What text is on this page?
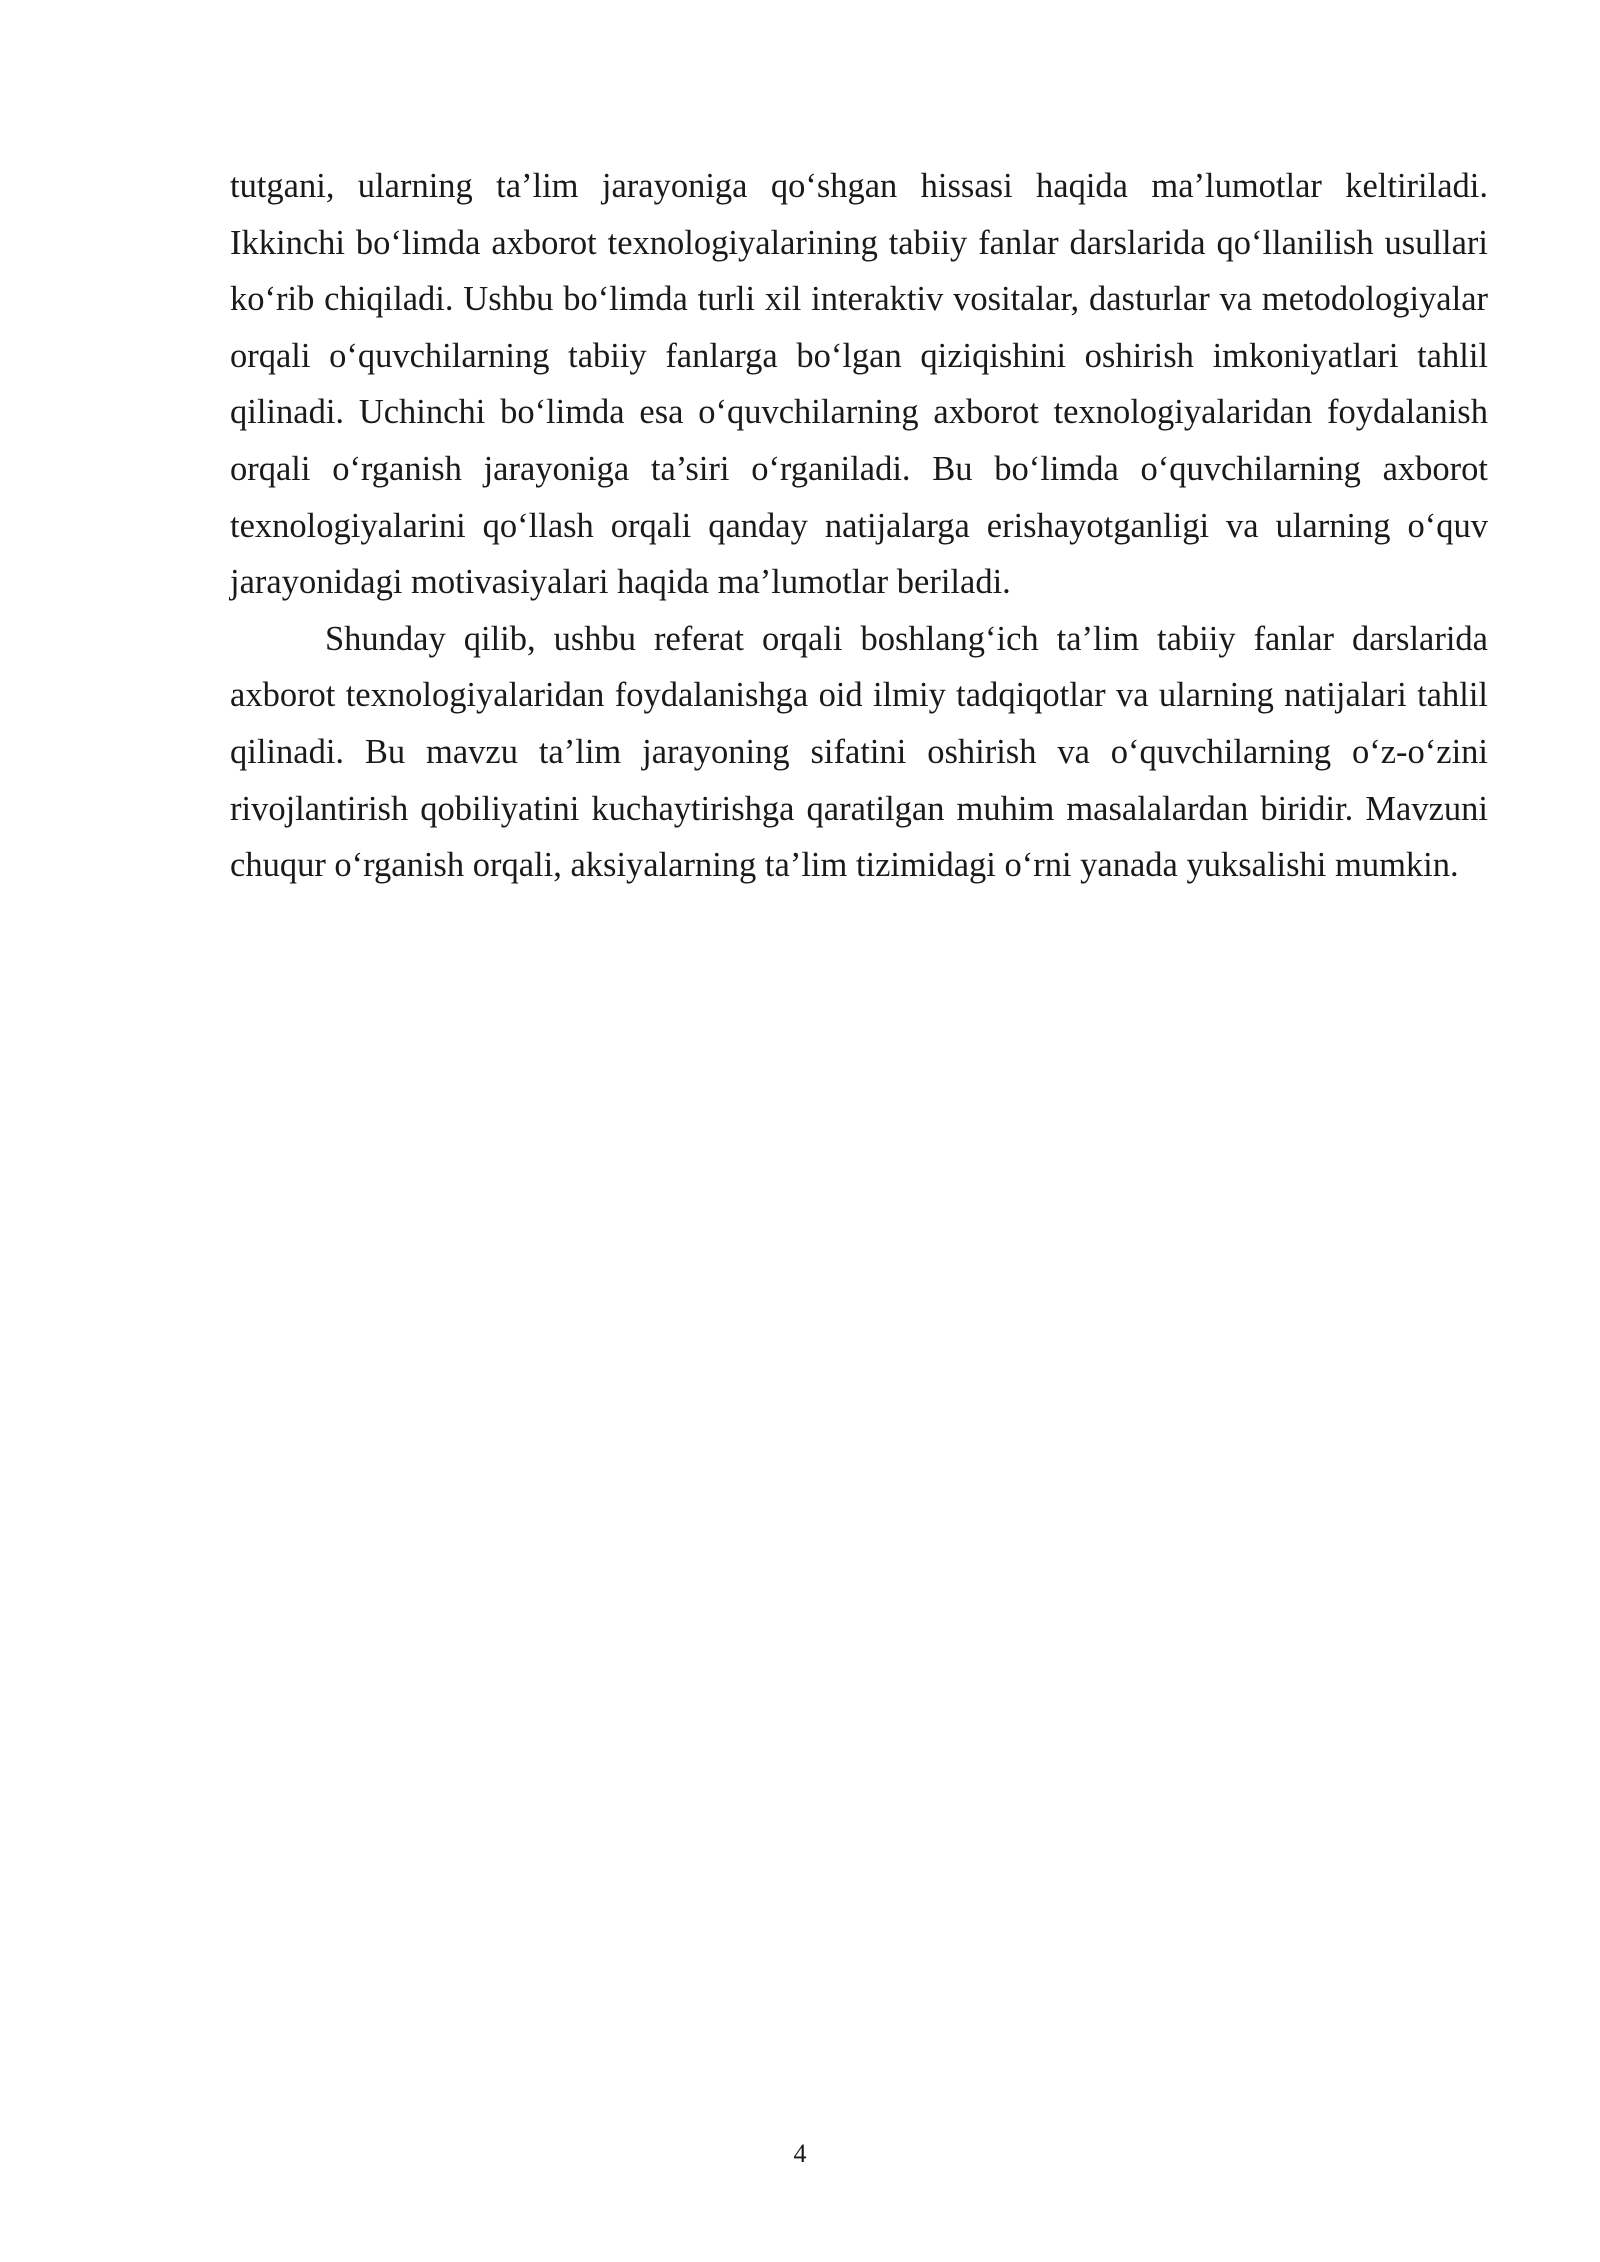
tutgani, ularning ta’lim jarayoniga qo‘shgan hissasi haqida ma’lumotlar keltiriladi. Ikkinchi bo‘limda axborot texnologiyalarining tabiiy fanlar darslarida qo‘llanilish usullari ko‘rib chiqiladi. Ushbu bo‘limda turli xil interaktiv vositalar, dasturlar va metodologiyalar orqali o‘quvchilarning tabiiy fanlarga bo‘lgan qiziqishini oshirish imkoniyatlari tahlil qilinadi. Uchinchi bo‘limda esa o‘quvchilarning axborot texnologiyalaridan foydalanish orqali o‘rganish jarayoniga ta’siri o‘rganiladi. Bu bo‘limda o‘quvchilarning axborot texnologiyalarini qo‘llash orqali qanday natijalarga erishayotganligi va ularning o‘quv jarayonidagi motivasiyalari haqida ma’lumotlar beriladi.

Shunday qilib, ushbu referat orqali boshlang‘ich ta’lim tabiiy fanlar darslarida axborot texnologiyalaridan foydalanishga oid ilmiy tadqiqotlar va ularning natijalari tahlil qilinadi. Bu mavzu ta’lim jarayoning sifatini oshirish va o‘quvchilarning o‘z-o‘zini rivojlantirish qobiliyatini kuchaytirishga qaratilgan muhim masalalardan biridir. Mavzuni chuqur o‘rganish orqali, aksiyalarning ta’lim tizimidagi o‘rni yanada yuksalishi mumkin.

4
